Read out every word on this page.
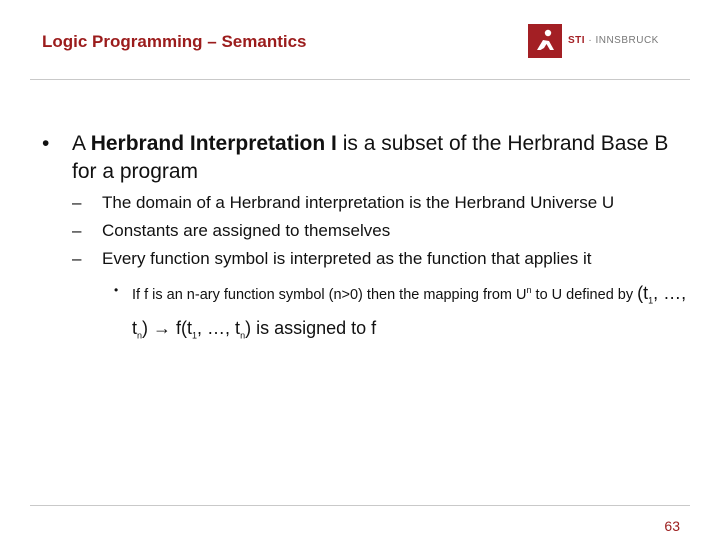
Logic Programming – Semantics	STI · INNSBRUCK
• A Herbrand Interpretation I is a subset of the Herbrand Base B for a program
– The domain of a Herbrand interpretation is the Herbrand Universe U
– Constants are assigned to themselves
– Every function symbol is interpreted as the function that applies it
• If f is an n-ary function symbol (n>0) then the mapping from $U^n$ to U defined by ($t_1$, …, $t_n) \to f(t_1$, …, $t_n$) is assigned to f
63
